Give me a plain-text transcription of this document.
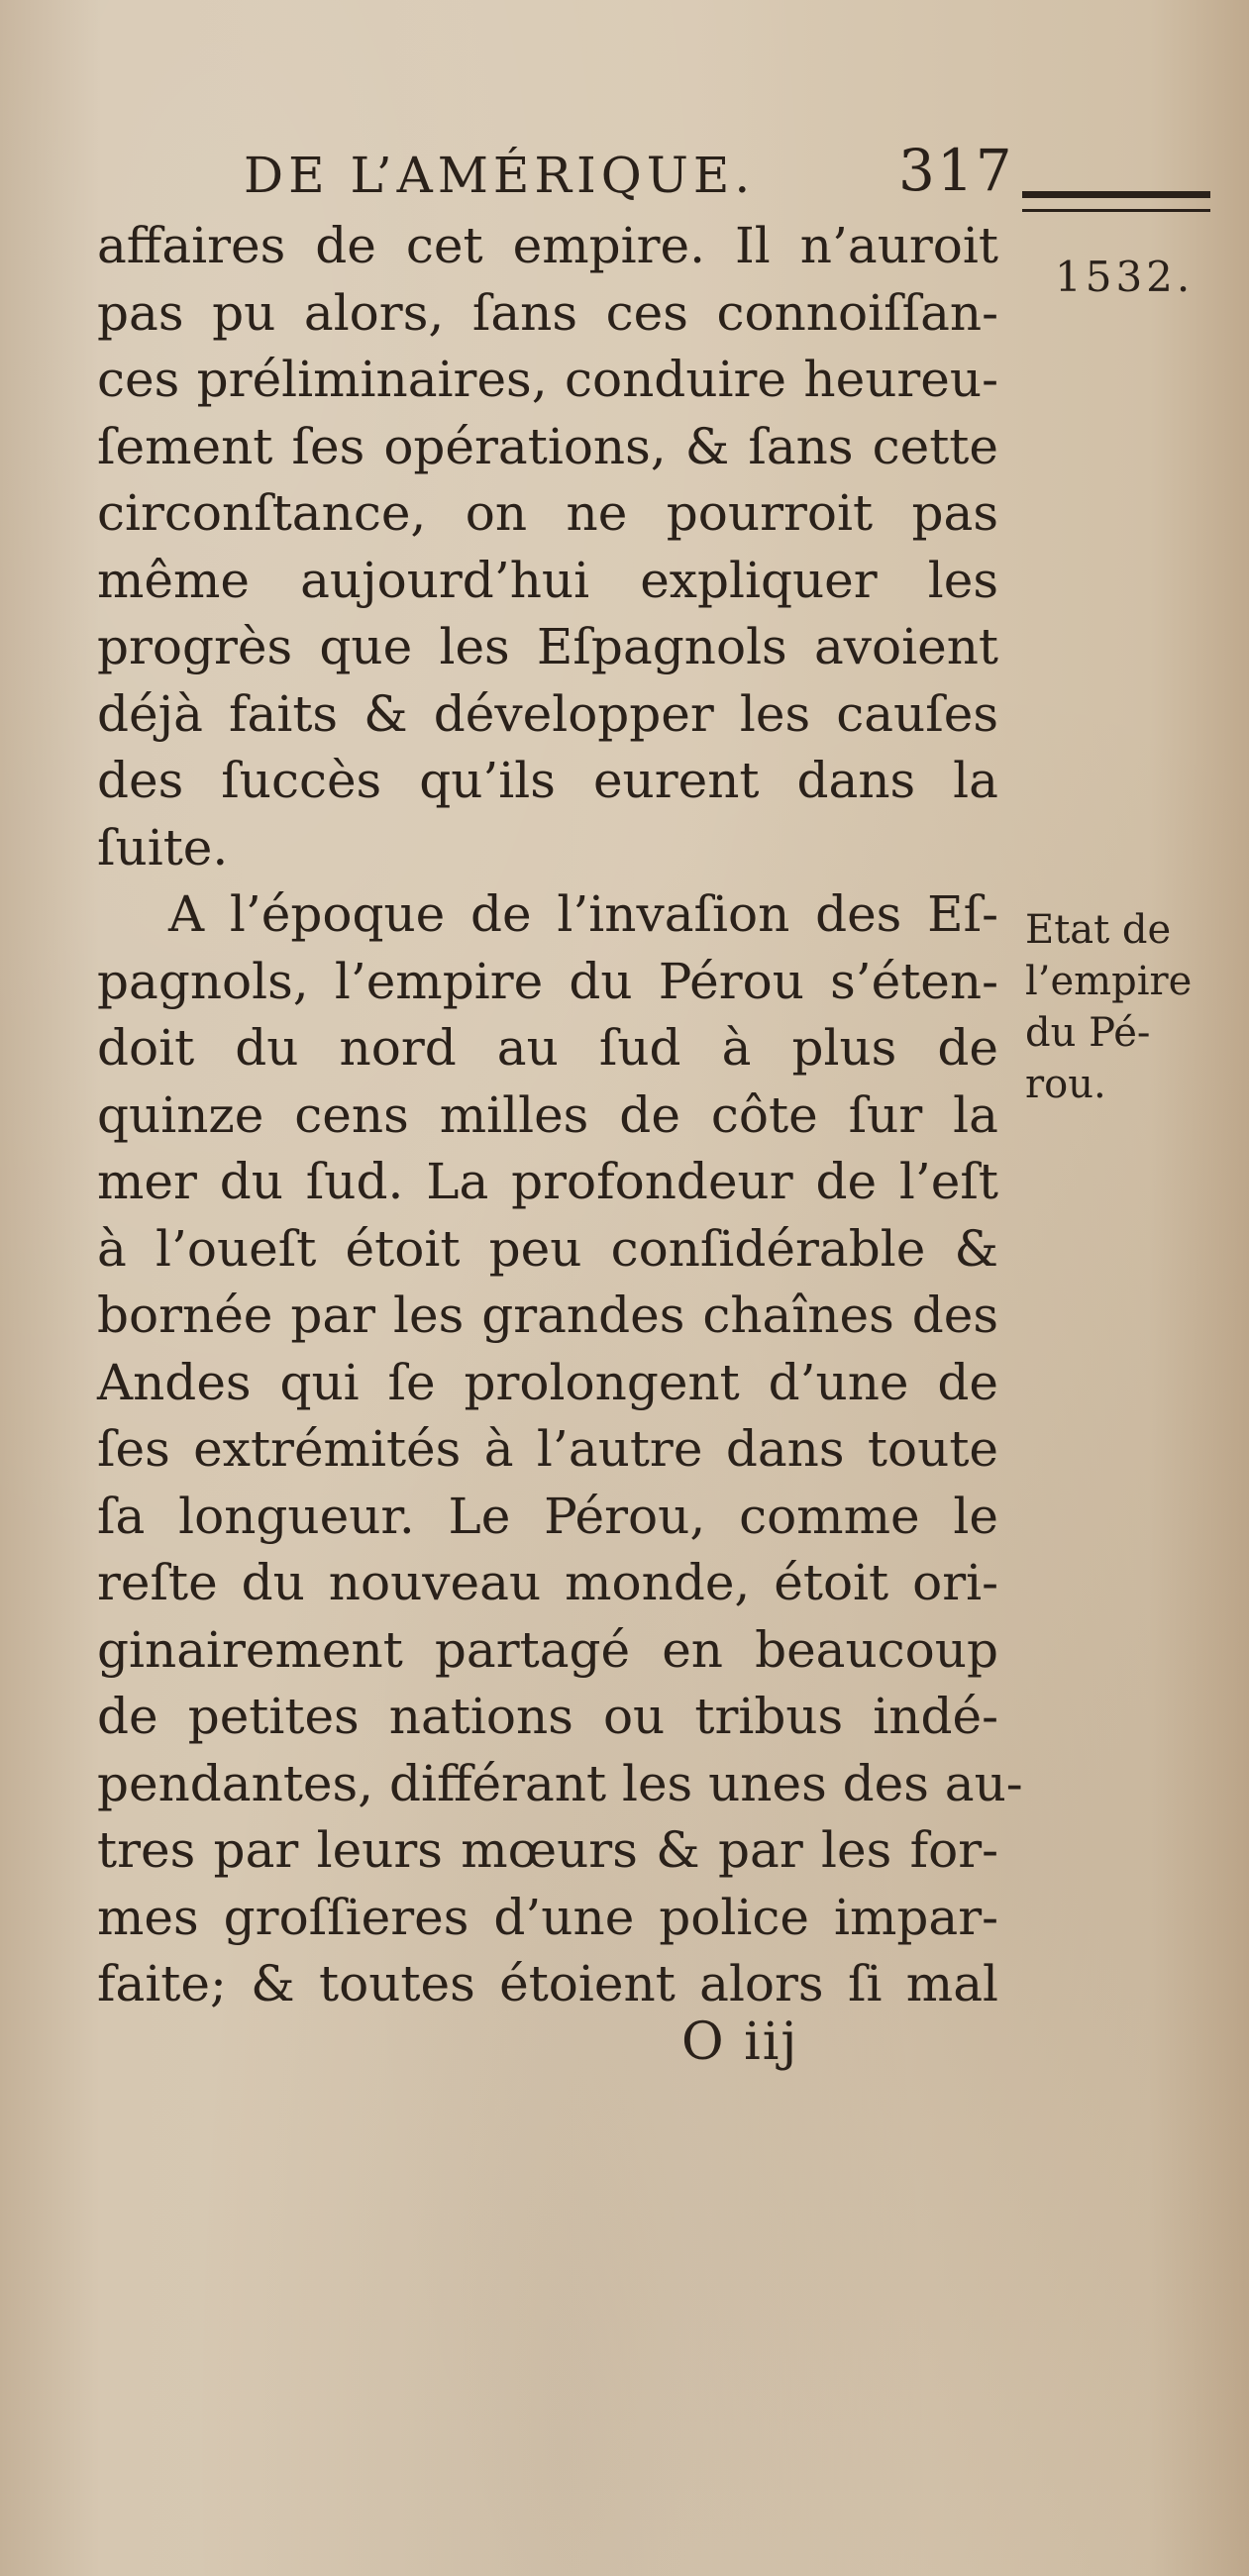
DE L’AMÉRIQUE. 317
1532.
affaires de cet empire. Il n’auroit
pas pu alors, ſans ces connoiſſan-
ces préliminaires, conduire heureu-
ſement ſes opérations, & ſans cette
circonſtance, on ne pourroit pas
même aujourd’hui expliquer les
progrès que les Eſpagnols avoient
déjà faits & développer les cauſes
des ſuccès qu’ils eurent dans la
ſuite.
A l’époque de l’invaſion des Eſ-
pagnols, l’empire du Pérou s’éten-
doit du nord au ſud à plus de
quinze cens milles de côte ſur la
mer du ſud. La profondeur de l’eſt
à l’oueſt étoit peu conſidérable &
bornée par les grandes chaînes des
Andes qui ſe prolongent d’une de
ſes extrémités à l’autre dans toute
ſa longueur. Le Pérou, comme le
reſte du nouveau monde, étoit ori-
ginairement partagé en beaucoup
de petites nations ou tribus indé-
pendantes, différant les unes des au-
tres par leurs mœurs & par les for-
mes groſſieres d’une police impar-
faite; & toutes étoient alors ſi mal
Etat de
l’empire
du Pé-
rou.
O iij
